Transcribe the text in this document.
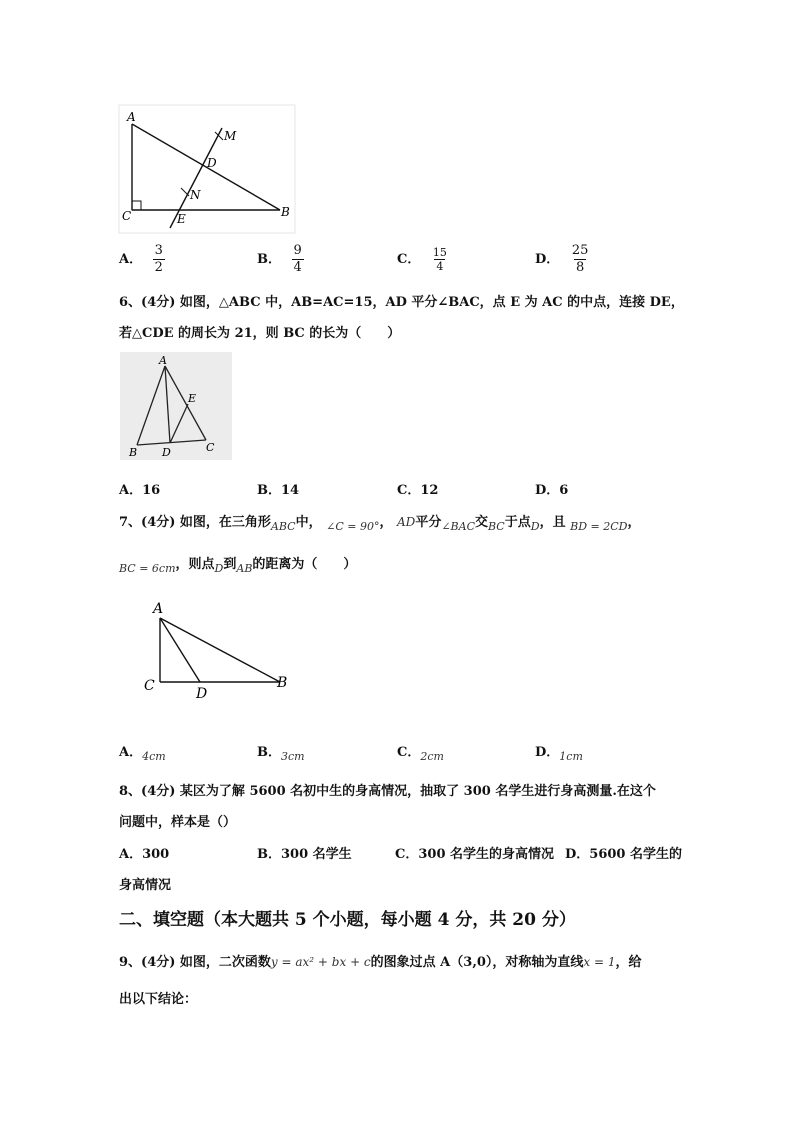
A
M
D
N
C	E	B
A． $\frac{3}{2}$	B． $\frac{9}{4}$	C． $\frac{15}{4}$	D． $\frac{25}{8}$
6、(4分) 如图，△ABC 中，AB=AC=15，AD 平分∠BAC，点 E 为 AC 的中点，连接 DE，
若△CDE 的周长为 21，则 BC 的长为（　　）
A
E
B D	C
A．16	B．14	C．12	D．6
7、(4分) 如图，在三角形$_{ABC}$中， $_{\angle C = 90^\circ}$， AD平分$_{\angle BAC}$交$_{BC}$于点$_D$，且 $_{BD = 2CD}$，
$_{BC = 6cm}$，则点$_D$到$_{AB}$的距离为（　　）
A
C	D
B
A．$_{4cm}$	B．$_{3cm}$	C．$_{2cm}$	D．$_{1cm}$
8、(4分) 某区为了解 5600 名初中生的身高情况，抽取了 300 名学生进行身高测量.在这个
问题中，样本是（）
A．300	B．300 名学生	C．300 名学生的身高情况 D．5600 名学生的
身高情况
二、填空题（本大题共 5 个小题，每小题 4 分，共 20 分）
9、(4分) 如图，二次函数y = ax² + bx + c的图象过点 A（3,0），对称轴为直线x = 1，给
出以下结论：
